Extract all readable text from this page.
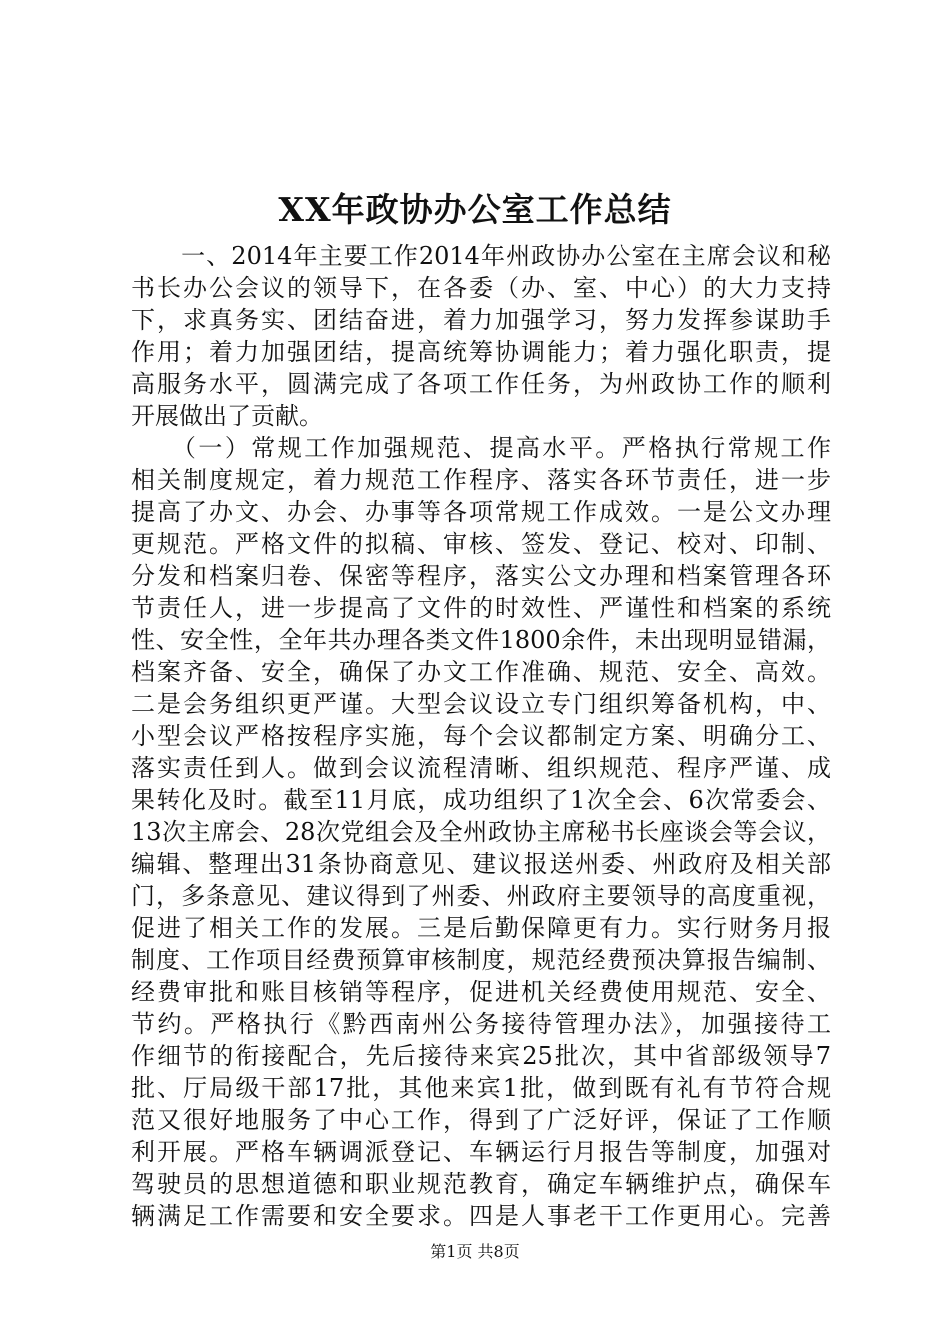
XX年政协办公室工作总结
　　一、2014年主要工作2014年州政协办公室在主席会议和秘
书长办公会议的领导下，在各委（办、室、中心）的大力支持
下，求真务实、团结奋进，着力加强学习，努力发挥参谋助手
作用；着力加强团结，提高统筹协调能力；着力强化职责，提
高服务水平，圆满完成了各项工作任务，为州政协工作的顺利
开展做出了贡献。
　　（一）常规工作加强规范、提高水平。严格执行常规工作
相关制度规定，着力规范工作程序、落实各环节责任，进一步
提高了办文、办会、办事等各项常规工作成效。一是公文办理
更规范。严格文件的拟稿、审核、签发、登记、校对、印制、
分发和档案归卷、保密等程序，落实公文办理和档案管理各环
节责任人，进一步提高了文件的时效性、严谨性和档案的系统
性、安全性，全年共办理各类文件1800余件，未出现明显错漏，
档案齐备、安全，确保了办文工作准确、规范、安全、高效。
二是会务组织更严谨。大型会议设立专门组织筹备机构，中、
小型会议严格按程序实施，每个会议都制定方案、明确分工、
落实责任到人。做到会议流程清晰、组织规范、程序严谨、成
果转化及时。截至11月底，成功组织了1次全会、6次常委会、
13次主席会、28次党组会及全州政协主席秘书长座谈会等会议，
编辑、整理出31条协商意见、建议报送州委、州政府及相关部
门，多条意见、建议得到了州委、州政府主要领导的高度重视，
促进了相关工作的发展。三是后勤保障更有力。实行财务月报
制度、工作项目经费预算审核制度，规范经费预决算报告编制、
经费审批和账目核销等程序，促进机关经费使用规范、安全、
节约。严格执行《黔西南州公务接待管理办法》，加强接待工
作细节的衔接配合，先后接待来宾25批次，其中省部级领导7
批、厅局级干部17批，其他来宾1批，做到既有礼有节符合规
范又很好地服务了中心工作，得到了广泛好评，保证了工作顺
利开展。严格车辆调派登记、车辆运行月报告等制度，加强对
驾驶员的思想道德和职业规范教育，确定车辆维护点，确保车
辆满足工作需要和安全要求。四是人事老干工作更用心。完善
第1页 共8页
